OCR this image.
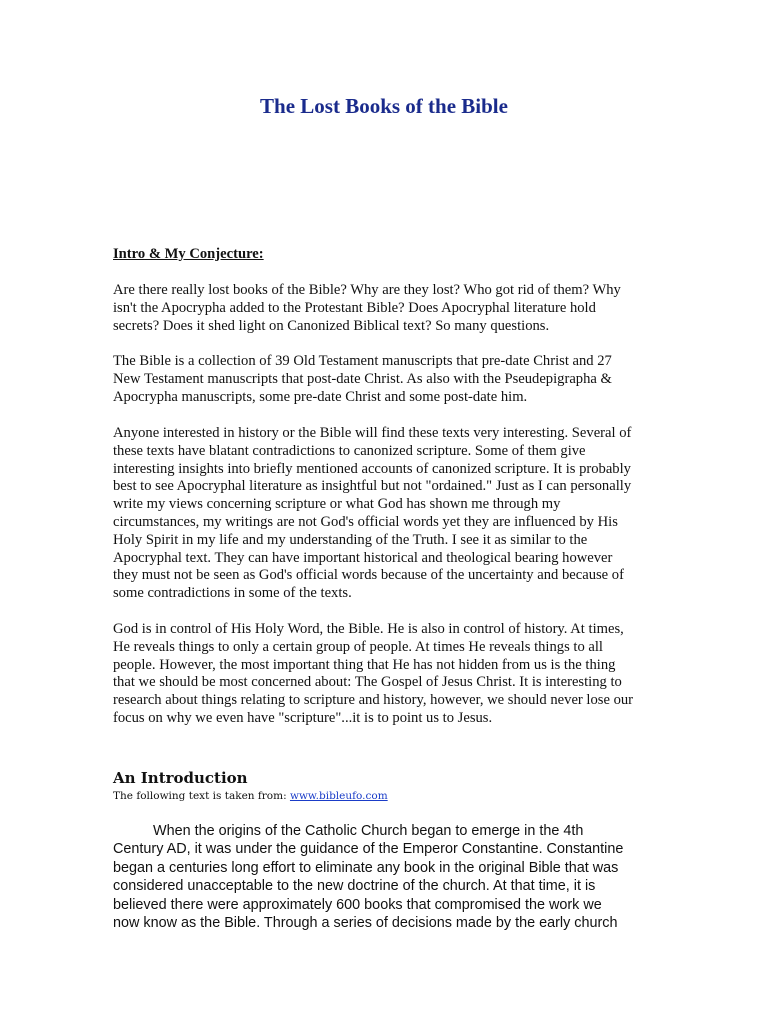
The Lost Books of the Bible
Intro & My Conjecture:
Are there really lost books of the Bible? Why are they lost? Who got rid of them? Why
isn't the Apocrypha added to the Protestant Bible? Does Apocryphal literature hold
secrets? Does it shed light on Canonized Biblical text? So many questions.
The Bible is a collection of 39 Old Testament manuscripts that pre-date Christ and 27
New Testament manuscripts that post-date Christ. As also with the Pseudepigrapha &
Apocrypha manuscripts, some pre-date Christ and some post-date him.
Anyone interested in history or the Bible will find these texts very interesting. Several of
these texts have blatant contradictions to canonized scripture. Some of them give
interesting insights into briefly mentioned accounts of canonized scripture. It is probably
best to see Apocryphal literature as insightful but not "ordained." Just as I can personally
write my views concerning scripture or what God has shown me through my
circumstances, my writings are not God's official words yet they are influenced by His
Holy Spirit in my life and my understanding of the Truth. I see it as similar to the
Apocryphal text. They can have important historical and theological bearing however
they must not be seen as God's official words because of the uncertainty and because of
some contradictions in some of the texts.
God is in control of His Holy Word, the Bible. He is also in control of history. At times,
He reveals things to only a certain group of people. At times He reveals things to all
people. However, the most important thing that He has not hidden from us is the thing
that we should be most concerned about: The Gospel of Jesus Christ. It is interesting to
research about things relating to scripture and history, however, we should never lose our
focus on why we even have "scripture"...it is to point us to Jesus.
An Introduction
The following text is taken from: www.bibleufo.com
When the origins of the Catholic Church began to emerge in the 4th
Century AD, it was under the guidance of the Emperor Constantine. Constantine
began a centuries long effort to eliminate any book in the original Bible that was
considered unacceptable to the new doctrine of the church. At that time, it is
believed there were approximately 600 books that compromised the work we
now know as the Bible. Through a series of decisions made by the early church
